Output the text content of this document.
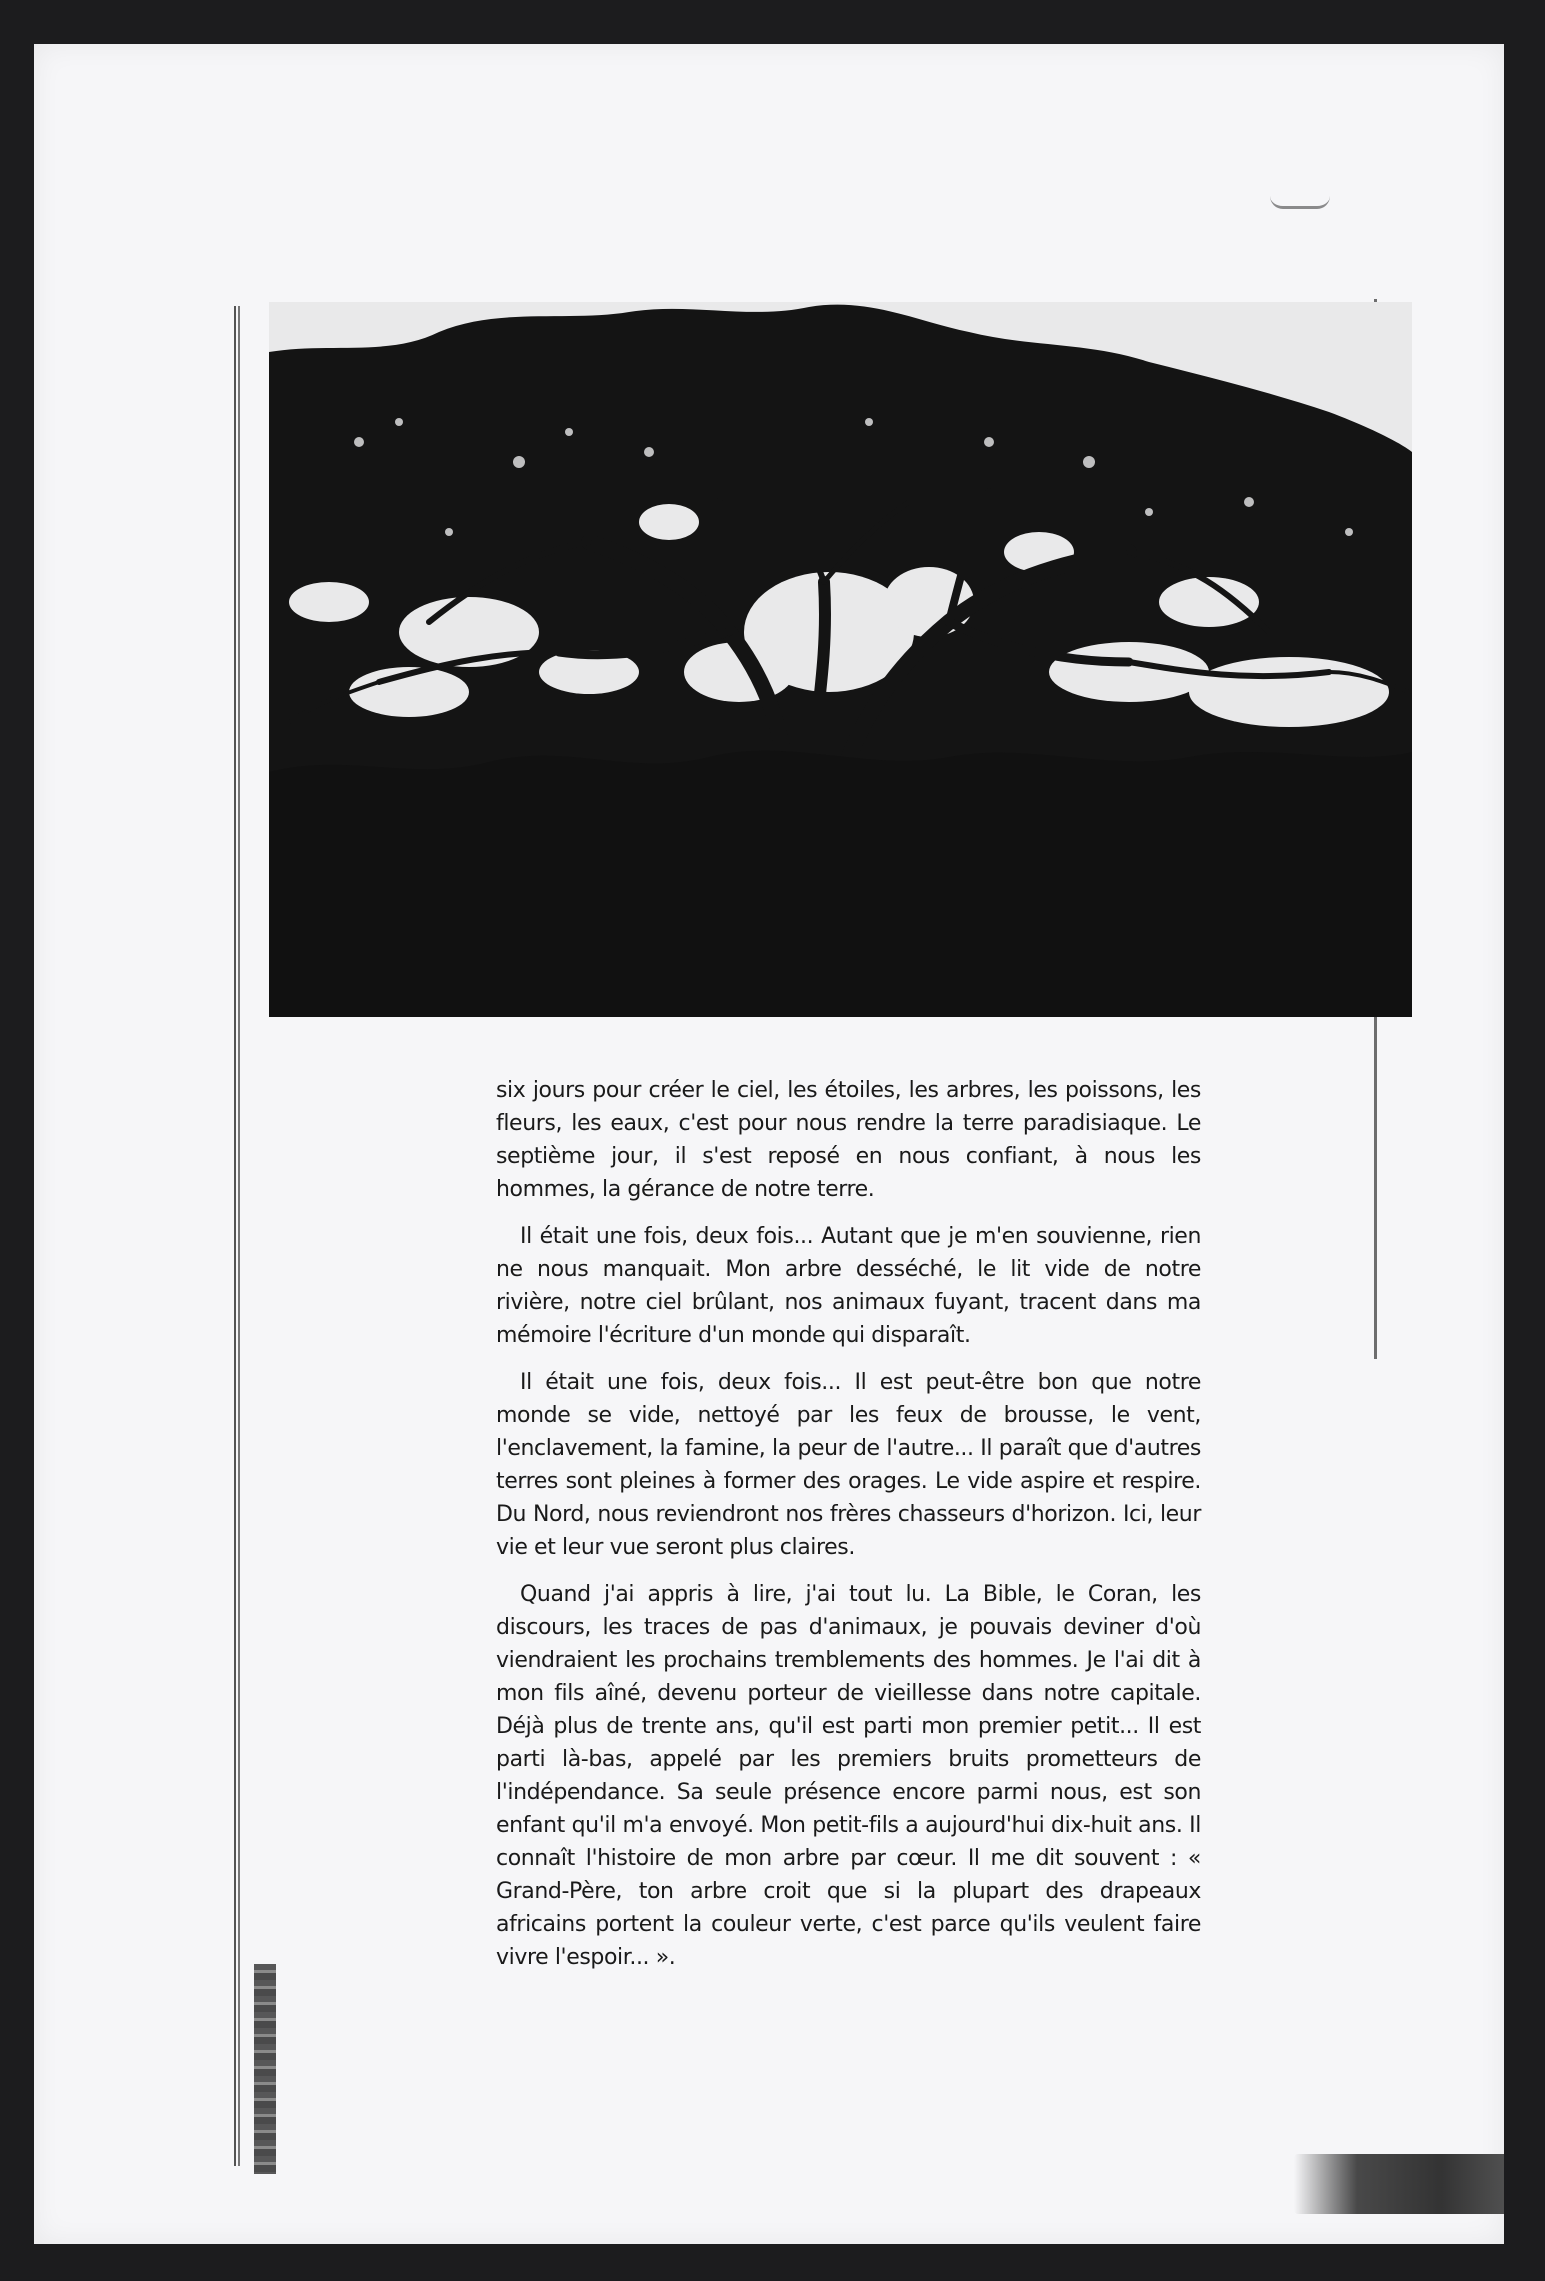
six jours pour créer le ciel, les étoiles, les arbres, les poissons, les fleurs, les eaux, c'est pour nous rendre la terre paradisiaque. Le septième jour, il s'est reposé en nous confiant, à nous les hommes, la gérance de notre terre.

Il était une fois, deux fois... Autant que je m'en souvienne, rien ne nous manquait. Mon arbre desséché, le lit vide de notre rivière, notre ciel brûlant, nos animaux fuyant, tracent dans ma mémoire l'écriture d'un monde qui disparaît.

Il était une fois, deux fois... Il est peut-être bon que notre monde se vide, nettoyé par les feux de brousse, le vent, l'enclavement, la famine, la peur de l'autre... Il paraît que d'autres terres sont pleines à former des orages. Le vide aspire et respire. Du Nord, nous reviendront nos frères chasseurs d'horizon. Ici, leur vie et leur vue seront plus claires.

Quand j'ai appris à lire, j'ai tout lu. La Bible, le Coran, les discours, les traces de pas d'animaux, je pouvais deviner d'où viendraient les prochains tremblements des hommes. Je l'ai dit à mon fils aîné, devenu porteur de vieillesse dans notre capitale. Déjà plus de trente ans, qu'il est parti mon premier petit... Il est parti là-bas, appelé par les premiers bruits prometteurs de l'indépendance. Sa seule présence encore parmi nous, est son enfant qu'il m'a envoyé. Mon petit-fils a aujourd'hui dix-huit ans. Il connaît l'histoire de mon arbre par cœur. Il me dit souvent : « Grand-Père, ton arbre croit que si la plupart des drapeaux africains portent la couleur verte, c'est parce qu'ils veulent faire vivre l'espoir... ».
